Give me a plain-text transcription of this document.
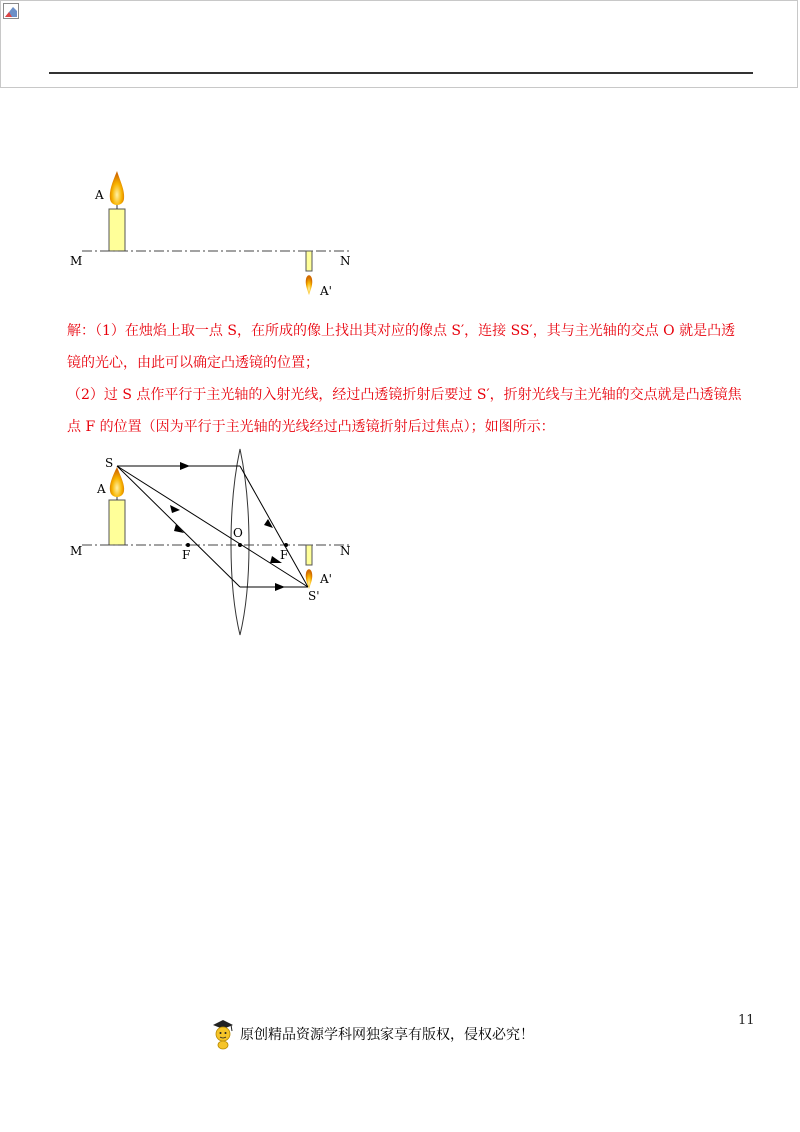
A
M	N
A'
解：（1）在烛焰上取一点 S，在所成的像上找出其对应的像点 S′，连接 SS′，其与主光轴的交点 O 就是凸透
镜的光心，由此可以确定凸透镜的位置；
（2）过 S 点作平行于主光轴的入射光线，经过凸透镜折射后要过 S′，折射光线与主光轴的交点就是凸透镜焦
点 F 的位置（因为平行于主光轴的光线经过凸透镜折射后过焦点）；如图所示：
S
A
M	N
F
O
F
A'
S'
11
原创精品资源学科网独家享有版权，侵权必究！
